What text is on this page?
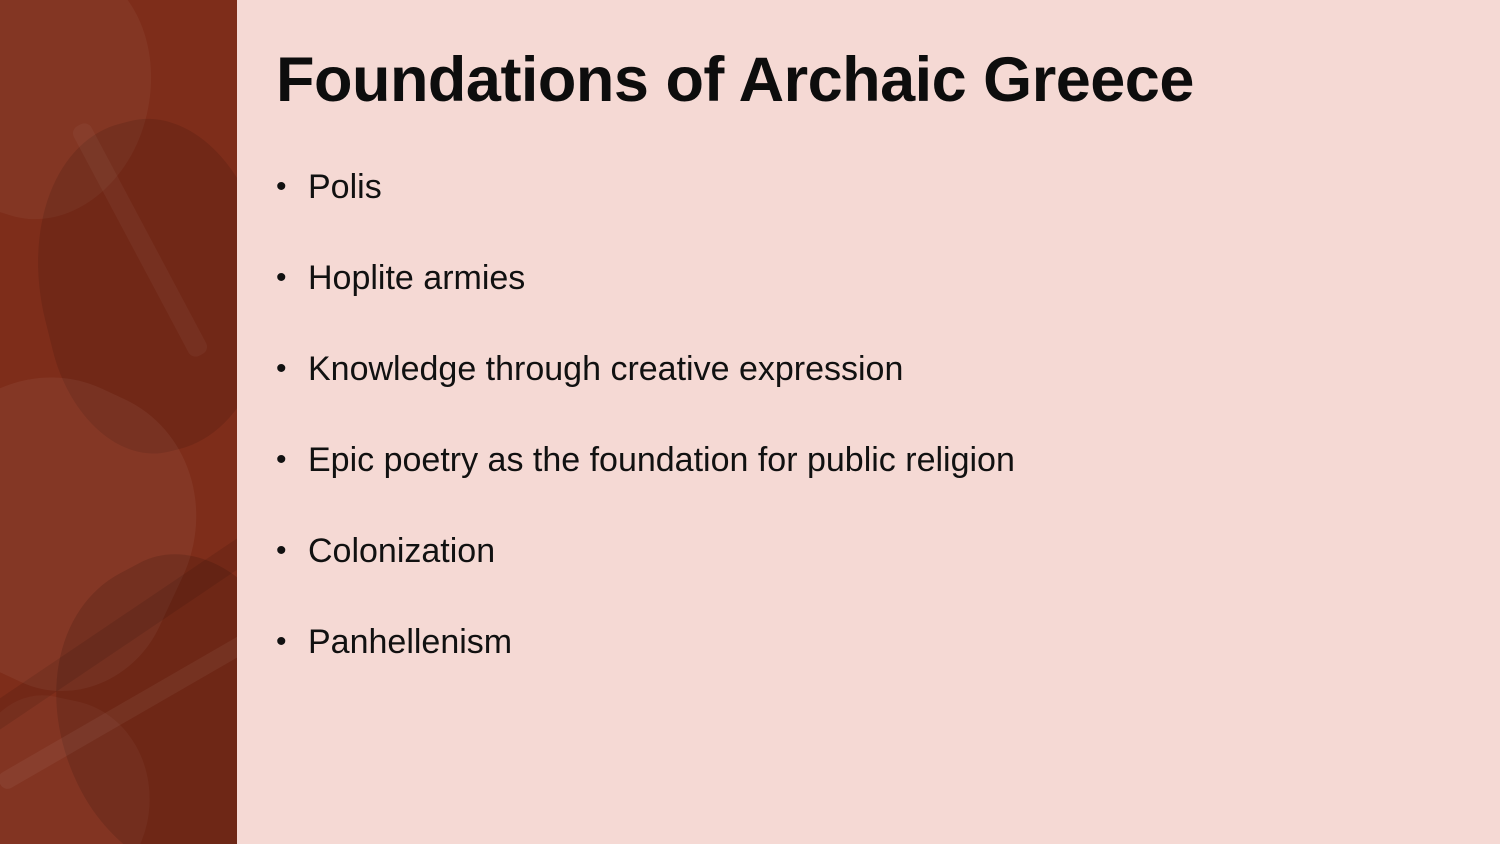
Foundations of Archaic Greece
• Polis
• Hoplite armies
• Knowledge through creative expression
• Epic poetry as the foundation for public religion
• Colonization
• Panhellenism
